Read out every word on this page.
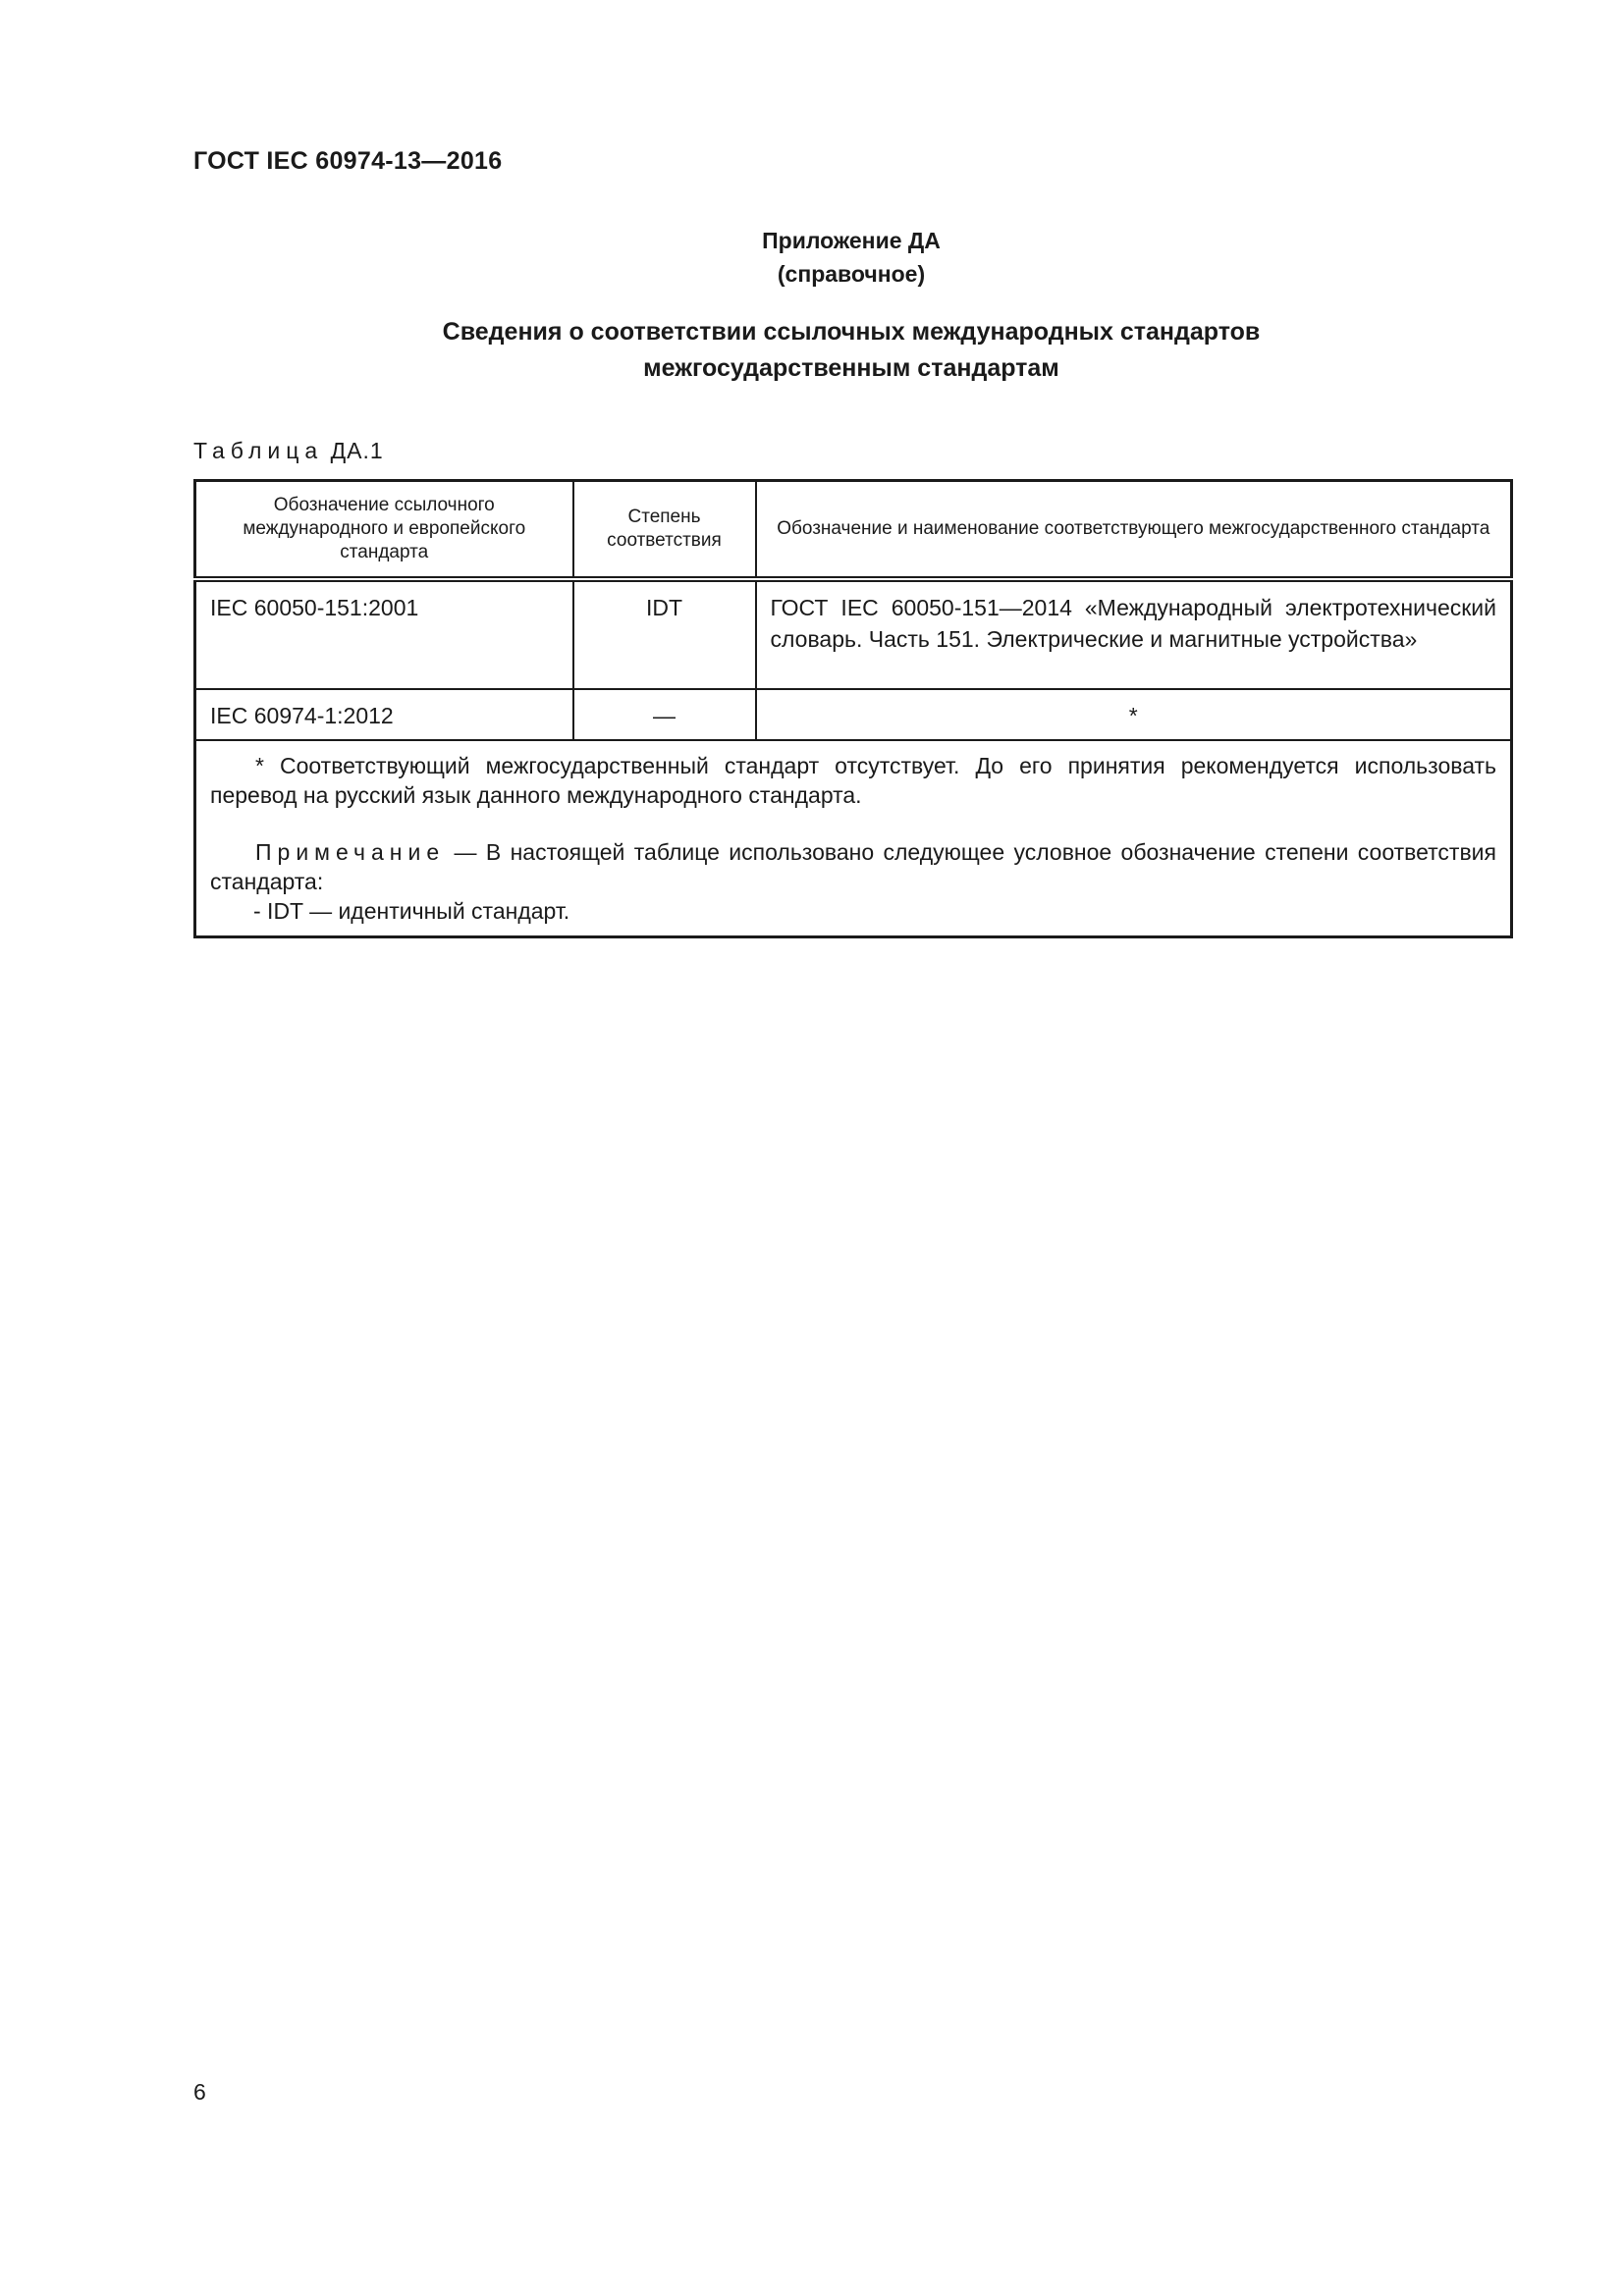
ГОСТ IEC 60974-13—2016
Приложение ДА
(справочное)
Сведения о соответствии ссылочных международных стандартов
межгосударственным стандартам
Таблица ДА.1
Обозначение ссылочного международного и европейского стандарта	Степень соответствия	Обозначение и наименование соответствующего межгосударственного стандарта

IEC 60050-151:2001	IDT	ГОСТ IEC 60050-151—2014 «Международный электротехнический словарь. Часть 151. Электрические и магнитные устройства»

IEC 60974-1:2012	—	*

* Соответствующий межгосударственный стандарт отсутствует. До его принятия рекомендуется использовать перевод на русский язык данного международного стандарта.

Примечание — В настоящей таблице использовано следующее условное обозначение степени соответствия стандарта:

- IDT — идентичный стандарт.		

6
